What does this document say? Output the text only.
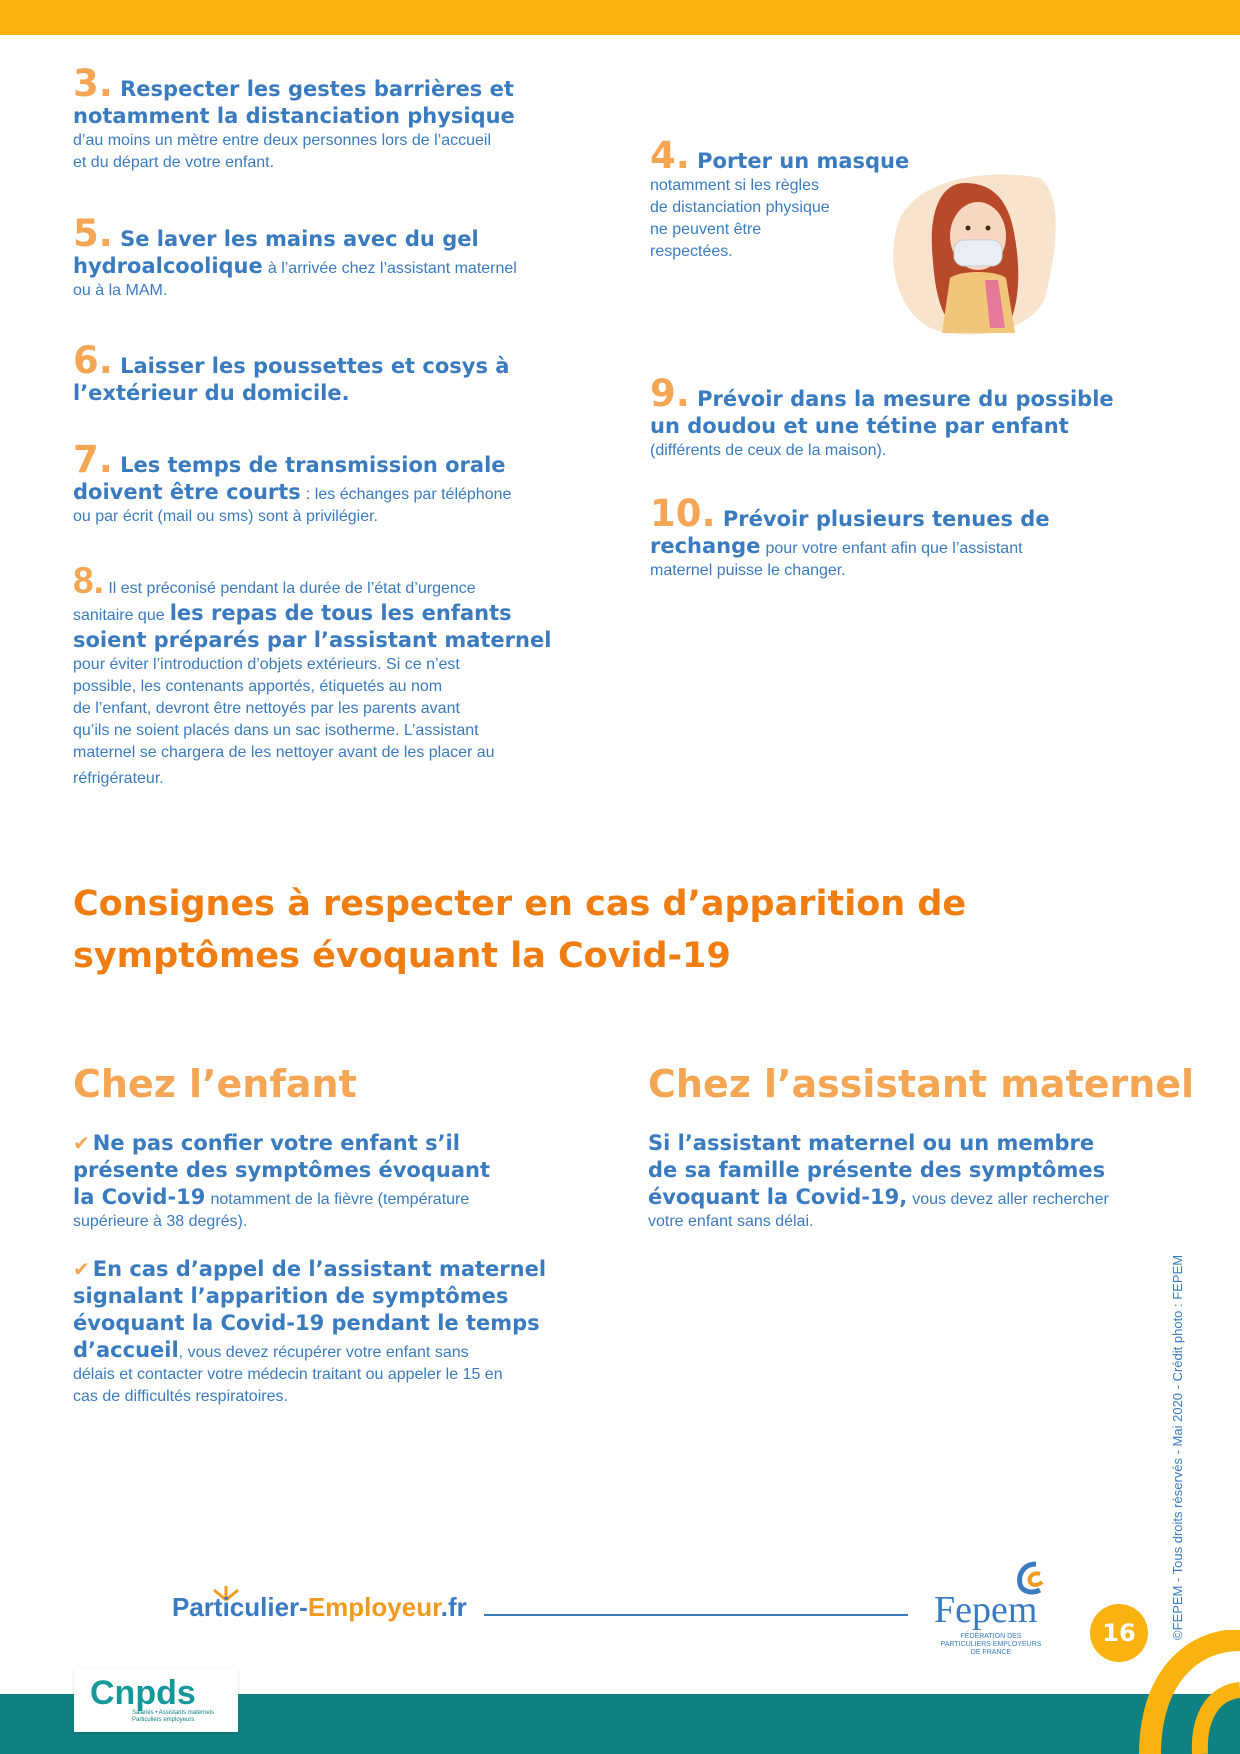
3. Respecter les gestes barrières et

notamment la distanciation physique

d’au moins un mètre entre deux personnes lors de l’accueil

et du départ de votre enfant.

5. Se laver les mains avec du gel

hydroalcoolique à l’arrivée chez l’assistant maternel

ou à la MAM.

6. Laisser les poussettes et cosys à

l’extérieur du domicile.

7. Les temps de transmission orale

doivent être courts : les échanges par téléphone

ou par écrit (mail ou sms) sont à privilégier.

8. Il est préconisé pendant la durée de l’état d’urgence

sanitaire que les repas de tous les enfants

soient préparés par l’assistant maternel

pour éviter l’introduction d’objets extérieurs. Si ce n’est

possible, les contenants apportés, étiquetés au nom

de l’enfant, devront être nettoyés par les parents avant

qu’ils ne soient placés dans un sac isotherme. L’assistant

maternel se chargera de les nettoyer avant de les placer au

réfrigérateur.

4. Porter un masque

notamment si les règles

de distanciation physique

ne peuvent être

respectées.

9. Prévoir dans la mesure du possible

un doudou et une tétine par enfant

(différents de ceux de la maison).

10. Prévoir plusieurs tenues de

rechange pour votre enfant afin que l’assistant

maternel puisse le changer.

Consignes à respecter en cas d’apparition de
symptômes évoquant la Covid-19
Chez l’enfant

✔ Ne pas confier votre enfant s’il

présente des symptômes évoquant

la Covid-19 notamment de la fièvre (température

supérieure à 38 degrés).

✔ En cas d’appel de l’assistant maternel

signalant l’apparition de symptômes

évoquant la Covid-19 pendant le temps

d’accueil, vous devez récupérer votre enfant sans

délais et contacter votre médecin traitant ou appeler le 15 en

cas de difficultés respiratoires.

Chez l’assistant maternel

Si l’assistant maternel ou un membre

de sa famille présente des symptômes

évoquant la Covid-19, vous devez aller rechercher

votre enfant sans délai.

Particulier-Employeur.fr	Fepem
FÉDÉRATION DES PARTICULIERS EMPLOYEURS DE FRANCE
16	©FEPEM - Tous droits réservés - Mai 2020 - Crédit photo : FEPEM
Cnpds
Salariés • Assistants maternels Particuliers employeurs
